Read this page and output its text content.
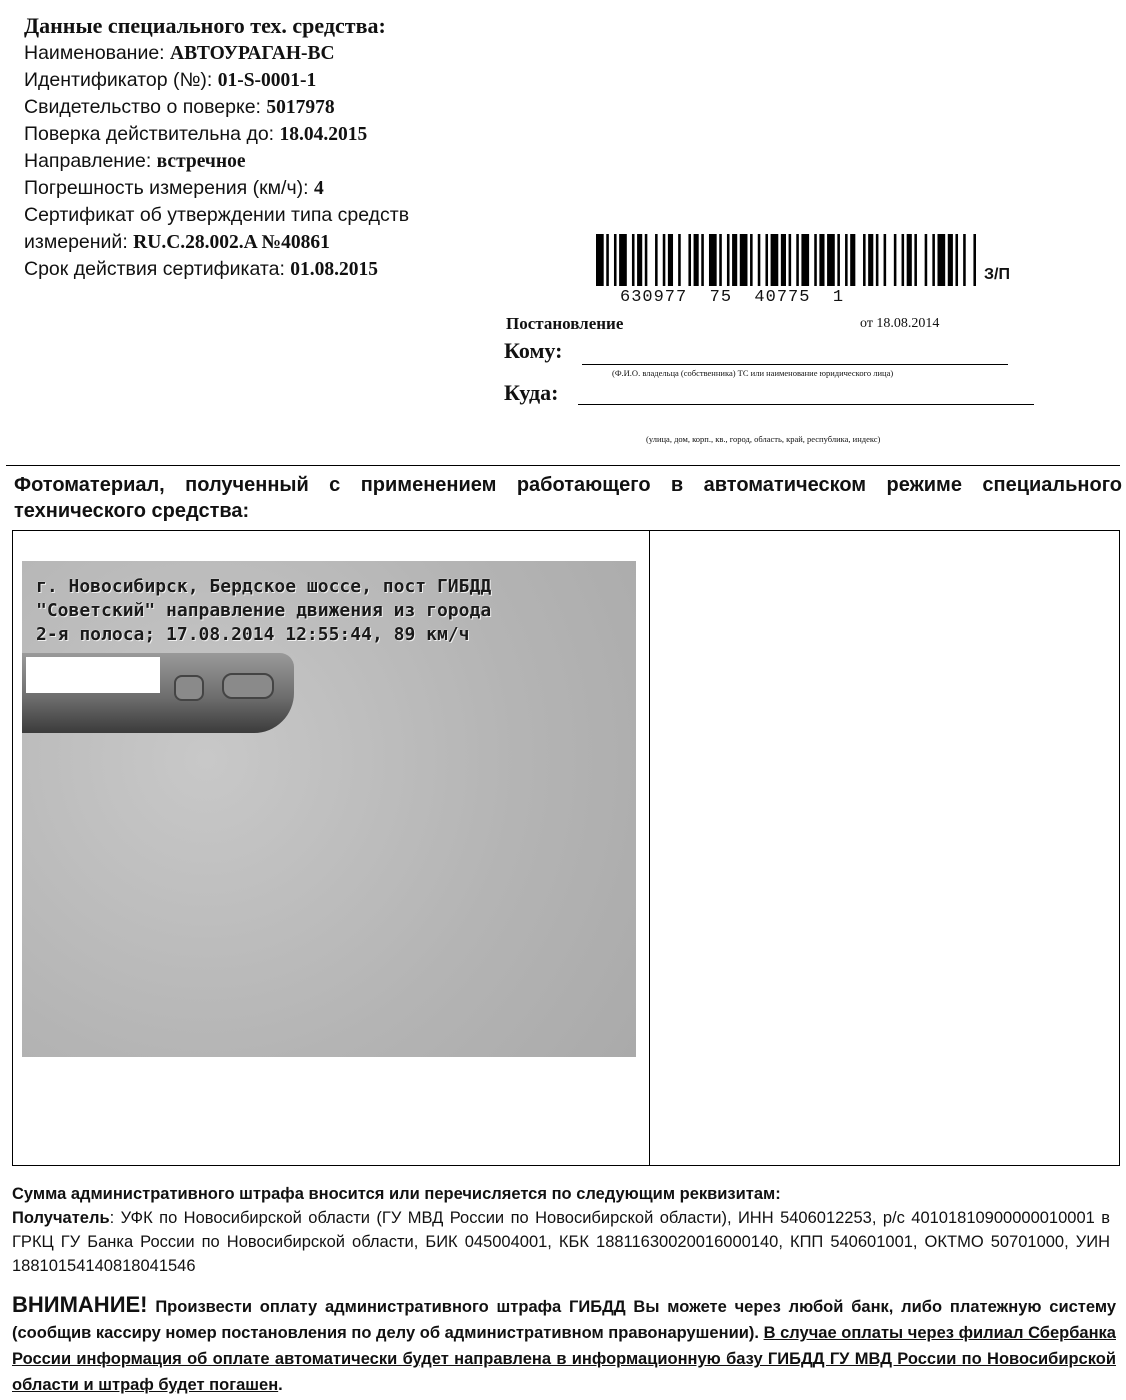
Данные специального тех. средства:
Наименование: АВТОУРАГАН-ВС
Идентификатор (№): 01-S-0001-1
Свидетельство о поверке: 5017978
Поверка действительна до: 18.04.2015
Направление: встречное
Погрешность измерения (км/ч): 4
Сертификат об утверждении типа средств
измерений: RU.C.28.002.A №40861
Срок действия сертификата: 01.08.2015
630977  75  40775  1
З/П
Постановление	от 18.08.2014
Кому:
(Ф.И.О. владельца (собственника) ТС или наименование юридического лица)
Куда:
(улица, дом, корп., кв., город, область, край, республика, индекс)
Фотоматериал, полученный с применением работающего в автоматическом режиме специального технического средства:
г. Новосибирск, Бердское шоссе, пост ГИБДД
"Советский" направление движения из города
2-я полоса; 17.08.2014 12:55:44, 89 км/ч
Сумма административного штрафа вносится или перечисляется по следующим реквизитам:
Получатель: УФК по Новосибирской области (ГУ МВД России по Новосибирской области), ИНН 5406012253, р/с 40101810900000010001 в ГРКЦ ГУ Банка России по Новосибирской области, БИК 045004001, КБК 18811630020016000140, КПП 540601001, ОКТМО 50701000, УИН 18810154140818041546
ВНИМАНИЕ! Произвести оплату административного штрафа ГИБДД Вы можете через любой банк, либо платежную систему (сообщив кассиру номер постановления по делу об административном правонарушении). В случае оплаты через филиал Сбербанка России информация об оплате автоматически будет направлена в информационную базу ГИБДД ГУ МВД России по Новосибирской области и штраф будет погашен.
